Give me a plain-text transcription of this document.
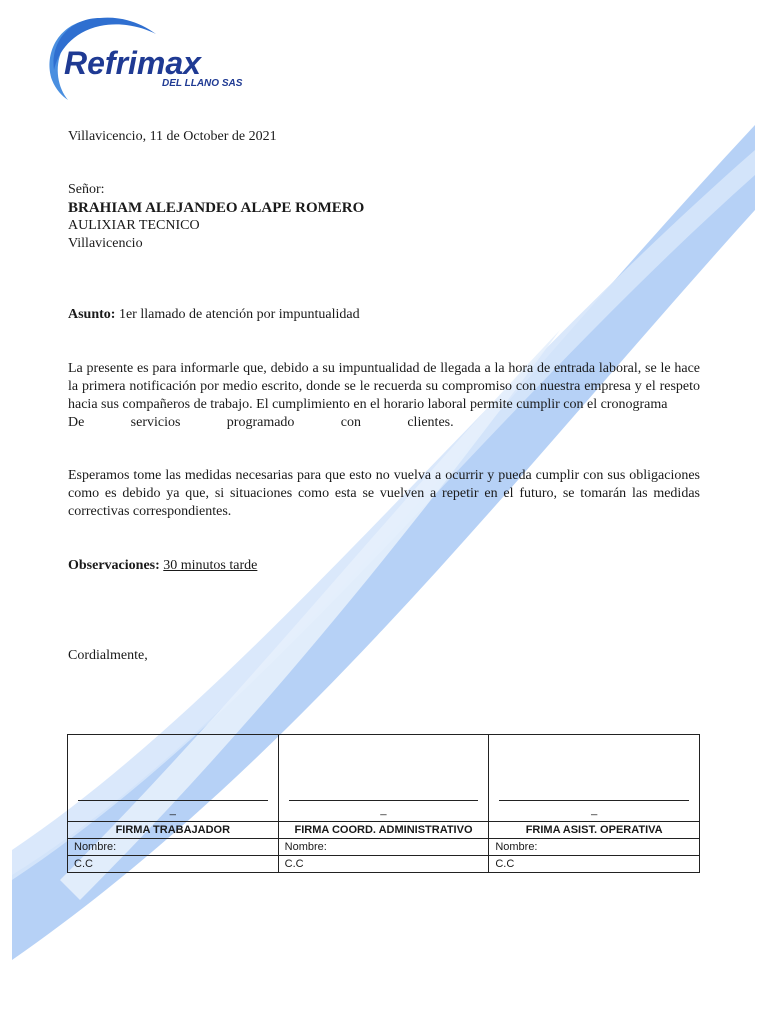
Refrimax
DEL LLANO SAS
Villavicencio, 11 de October de 2021
Señor:
BRAHIAM ALEJANDEO ALAPE ROMERO
AULIXIAR TECNICO
Villavicencio
Asunto: 1er llamado de atención por impuntualidad
La presente es para informarle que, debido a su impuntualidad de llegada a la hora de entrada laboral, se le hace la primera notificación por medio escrito, donde se le recuerda su compromiso con nuestra empresa y el respeto hacia sus compañeros de trabajo. El cumplimiento en el horario laboral permite cumplir con el cronograma
De	servicios	programado	con	clientes.
Esperamos tome las medidas necesarias para que esto no vuelva a ocurrir y pueda cumplir con sus obligaciones como es debido ya que, si situaciones como esta se vuelven a repetir en el futuro, se tomarán las medidas correctivas correspondientes.
Observaciones: 30 minutos tarde
Cordialmente,
_	_	_

FIRMA TRABAJADOR	FIRMA COORD. ADMINISTRATIVO	FRIMA ASIST. OPERATIVA
Nombre:	Nombre:	Nombre:
C.C	C.C	C.C
